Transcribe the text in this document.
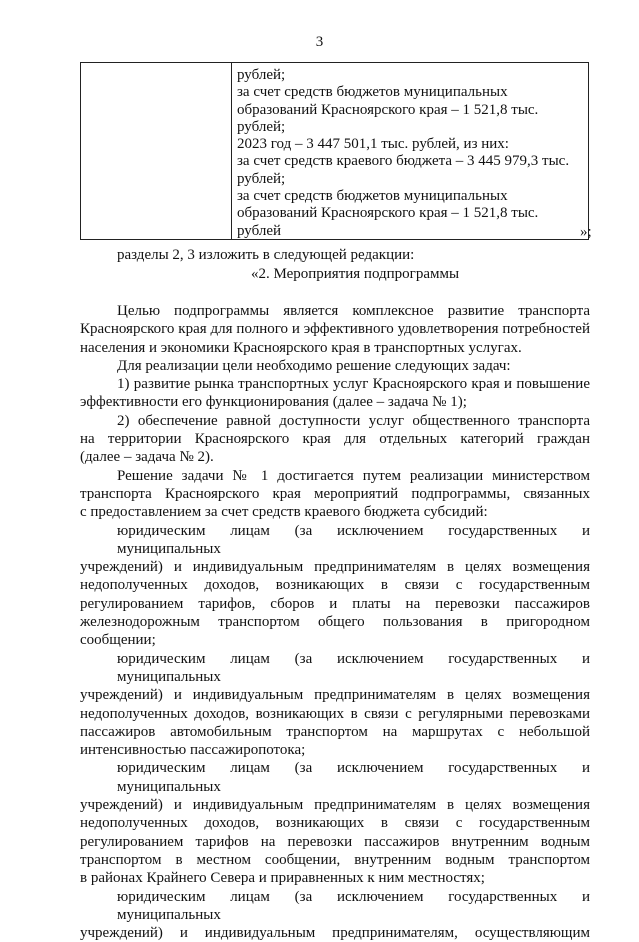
3
рублей;
за счет средств бюджетов муниципальных
образований Красноярского края – 1 521,8 тыс.
рублей;
2023 год – 3 447 501,1 тыс. рублей, из них:
за счет средств краевого бюджета – 3 445 979,3 тыс.
рублей;
за счет средств бюджетов муниципальных
образований Красноярского края – 1 521,8 тыс.
рублей	»;
разделы 2, 3 изложить в следующей редакции:
«2. Мероприятия подпрограммы

Целью подпрограммы является комплексное развитие транспорта
Красноярского края для полного и эффективного удовлетворения потребностей
населения и экономики Красноярского края в транспортных услугах.

Для реализации цели необходимо решение следующих задач:

1) развитие рынка транспортных услуг Красноярского края и повышение
эффективности его функционирования (далее – задача № 1);

2) обеспечение равной доступности услуг общественного транспорта
на территории Красноярского края для отдельных категорий граждан
(далее – задача № 2).

Решение задачи № 1 достигается путем реализации министерством
транспорта Красноярского края мероприятий подпрограммы, связанных
с предоставлением за счет средств краевого бюджета субсидий:

юридическим лицам (за исключением государственных и муниципальных
учреждений) и индивидуальным предпринимателям в целях возмещения
недополученных доходов, возникающих в связи с государственным
регулированием тарифов, сборов и платы на перевозки пассажиров
железнодорожным транспортом общего пользования в пригородном
сообщении;

юридическим лицам (за исключением государственных и муниципальных
учреждений) и индивидуальным предпринимателям в целях возмещения
недополученных доходов, возникающих в связи с регулярными перевозками
пассажиров автомобильным транспортом на маршрутах с небольшой
интенсивностью пассажиропотока;

юридическим лицам (за исключением государственных и муниципальных
учреждений) и индивидуальным предпринимателям в целях возмещения
недополученных доходов, возникающих в связи с государственным
регулированием тарифов на перевозки пассажиров внутренним водным
транспортом в местном сообщении, внутренним водным транспортом
в районах Крайнего Севера и приравненных к ним местностях;

юридическим лицам (за исключением государственных и муниципальных
учреждений) и индивидуальным предпринимателям, осуществляющим
